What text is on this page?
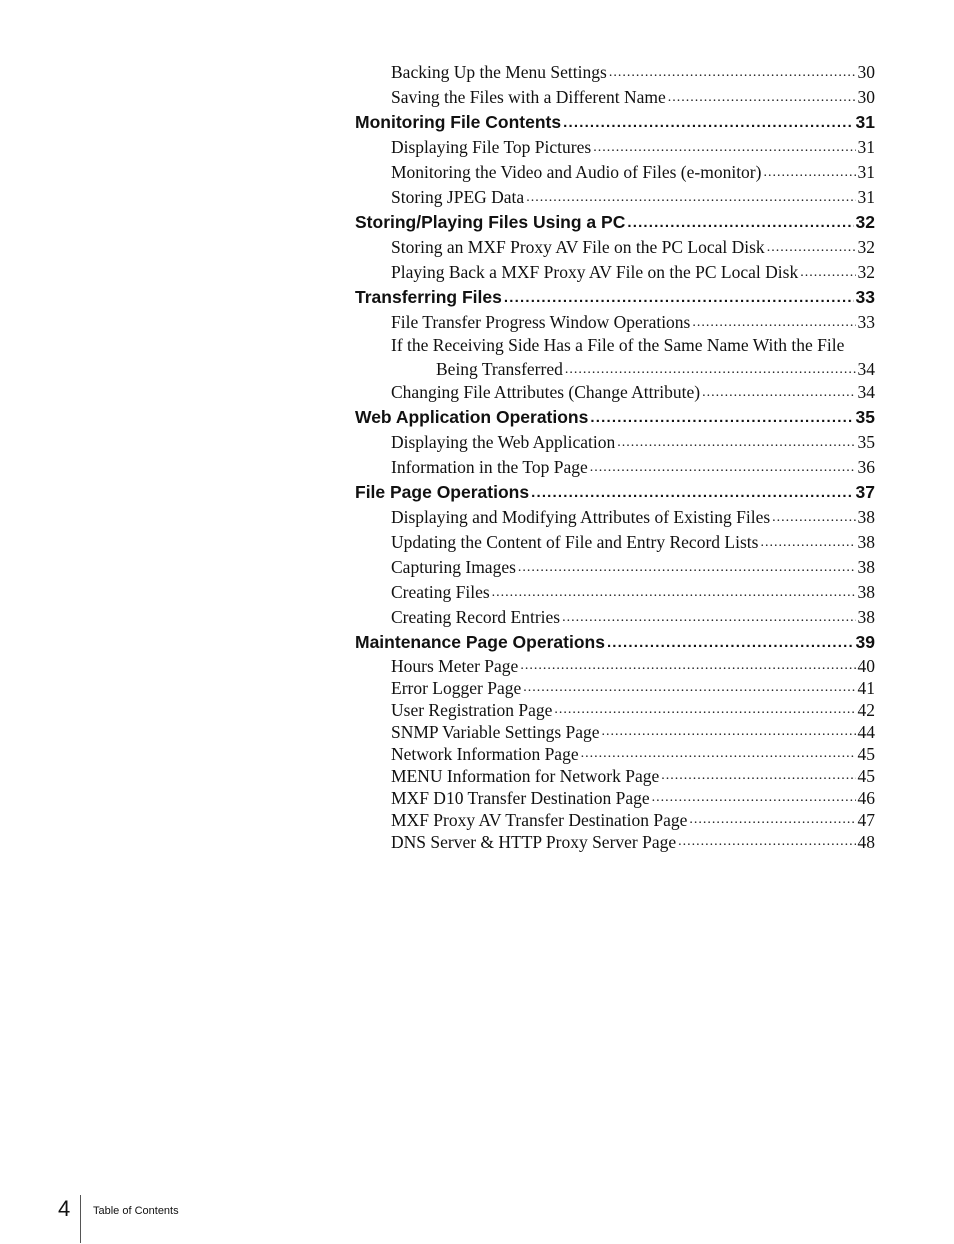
Backing Up the Menu Settings .....	30
Saving the Files with a Different Name .....	30
Monitoring File Contents .....	31
Displaying File Top Pictures .....	31
Monitoring the Video and Audio of Files (e-monitor) .....	31
Storing JPEG Data .....	31
Storing/Playing Files Using a PC .....	32
Storing an MXF Proxy AV File on the PC Local Disk .....	32
Playing Back a MXF Proxy AV File on the PC Local Disk .....	32
Transferring Files .....	33
File Transfer Progress Window Operations .....	33
If the Receiving Side Has a File of the Same Name With the File
Being Transferred .....	34
Changing File Attributes (Change Attribute) .....	34
Web Application Operations .....	35
Displaying the Web Application .....	35
Information in the Top Page .....	36
File Page Operations .....	37
Displaying and Modifying Attributes of Existing Files .....	38
Updating the Content of File and Entry Record Lists .....	38
Capturing Images .....	38
Creating Files .....	38
Creating Record Entries .....	38
Maintenance Page Operations .....	39
Hours Meter Page .....	40
Error Logger Page .....	41
User Registration Page .....	42
SNMP Variable Settings Page .....	44
Network Information Page .....	45
MENU Information for Network Page .....	45
MXF D10 Transfer Destination Page .....	46
MXF Proxy AV Transfer Destination Page .....	47
DNS Server & HTTP Proxy Server Page .....	48
4 Table of Contents
